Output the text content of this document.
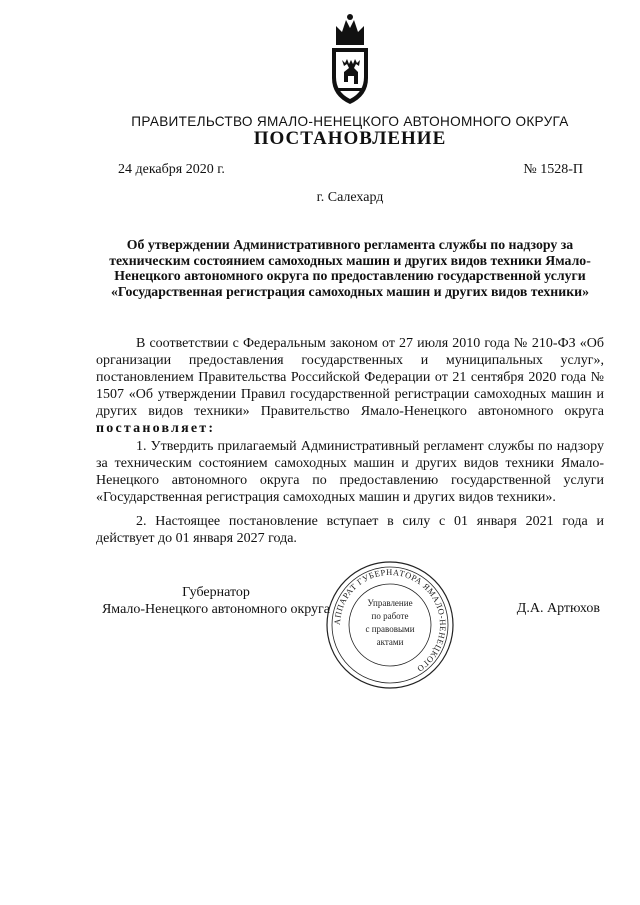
ПРАВИТЕЛЬСТВО ЯМАЛО-НЕНЕЦКОГО АВТОНОМНОГО ОКРУГА
ПОСТАНОВЛЕНИЕ
24 декабря 2020 г.	№ 1528-П
г. Салехард
Об утверждении Административного регламента службы по надзору за техническим состоянием самоходных машин и других видов техники Ямало-Ненецкого автономного округа по предоставлению государственной услуги «Государственная регистрация самоходных машин и других видов техники»
В соответствии с Федеральным законом от 27 июля 2010 года № 210-ФЗ «Об организации предоставления государственных и муниципальных услуг», постановлением Правительства Российской Федерации от 21 сентября 2020 года № 1507 «Об утверждении Правил государственной регистрации самоходных машин и других видов техники» Правительство Ямало-Ненецкого автономного округа постановляет:
1. Утвердить прилагаемый Административный регламент службы по надзору за техническим состоянием самоходных машин и других видов техники Ямало-Ненецкого автономного округа по предоставлению государственной услуги «Государственная регистрация самоходных машин и других видов техники».
2. Настоящее постановление вступает в силу с 01 января 2021 года и действует до 01 января 2027 года.
Губернатор
Ямало-Ненецкого автономного округа	Д.А. Артюхов
АППАРАТ ГУБЕРНАТОРА ЯМАЛО-НЕНЕЦКОГО
Управление
по работе
с правовыми
актами
